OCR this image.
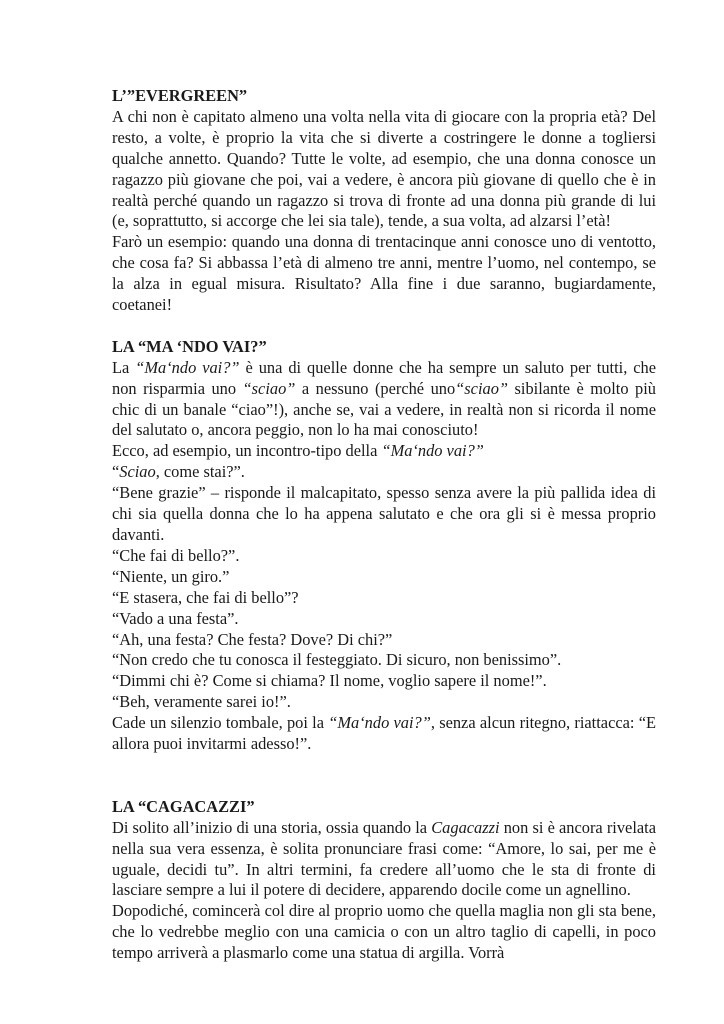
L’”EVERGREEN”

A chi non è capitato almeno una volta nella vita di giocare con la propria età? Del resto, a volte, è proprio la vita che si diverte a costringere le donne a togliersi qualche annetto. Quando? Tutte le volte, ad esempio, che una donna conosce un ragazzo più giovane che poi, vai a vedere, è ancora più giovane di quello che è in realtà perché quando un ragazzo si trova di fronte ad una donna più grande di lui (e, soprattutto, si accorge che lei sia tale), tende, a sua volta, ad alzarsi l’età!

Farò un esempio: quando una donna di trentacinque anni conosce uno di ventotto, che cosa fa? Si abbassa l’età di almeno tre anni, mentre l’uomo, nel contempo, se la alza in egual misura. Risultato? Alla fine i due saranno, bugiardamente, coetanei!

LA “MA ‘NDO VAI?”

La “Ma‘ndo vai?” è una di quelle donne che ha sempre un saluto per tutti, che non risparmia uno “sciao” a nessuno (perché uno“sciao” sibilante è molto più chic di un banale “ciao”!), anche se, vai a vedere, in realtà non si ricorda il nome del salutato o, ancora peggio, non lo ha mai conosciuto!

Ecco, ad esempio, un incontro-tipo della “Ma‘ndo vai?”

“Sciao, come stai?”.

“Bene grazie” – risponde il malcapitato, spesso senza avere la più pallida idea di chi sia quella donna che lo ha appena salutato e che ora gli si è messa proprio davanti.

“Che fai di bello?”.

“Niente, un giro.”

“E stasera, che fai di bello”?

“Vado a una festa”.

“Ah, una festa? Che festa? Dove? Di chi?”

“Non credo che tu conosca il festeggiato. Di sicuro, non benissimo”.

“Dimmi chi è? Come si chiama? Il nome, voglio sapere il nome!”.

“Beh, veramente sarei io!”.

Cade un silenzio tombale, poi la “Ma‘ndo vai?”, senza alcun ritegno, riattacca: “E allora puoi invitarmi adesso!”.

LA “CAGACAZZI”

Di solito all’inizio di una storia, ossia quando la Cagacazzi non si è ancora rivelata nella sua vera essenza, è solita pronunciare frasi come: “Amore, lo sai, per me è uguale, decidi tu”. In altri termini, fa credere all’uomo che le sta di fronte di lasciare sempre a lui il potere di decidere, apparendo docile come un agnellino.

Dopodiché, comincerà col dire al proprio uomo che quella maglia non gli sta bene, che lo vedrebbe meglio con una camicia o con un altro taglio di capelli, in poco tempo arriverà a plasmarlo come una statua di argilla. Vorrà
